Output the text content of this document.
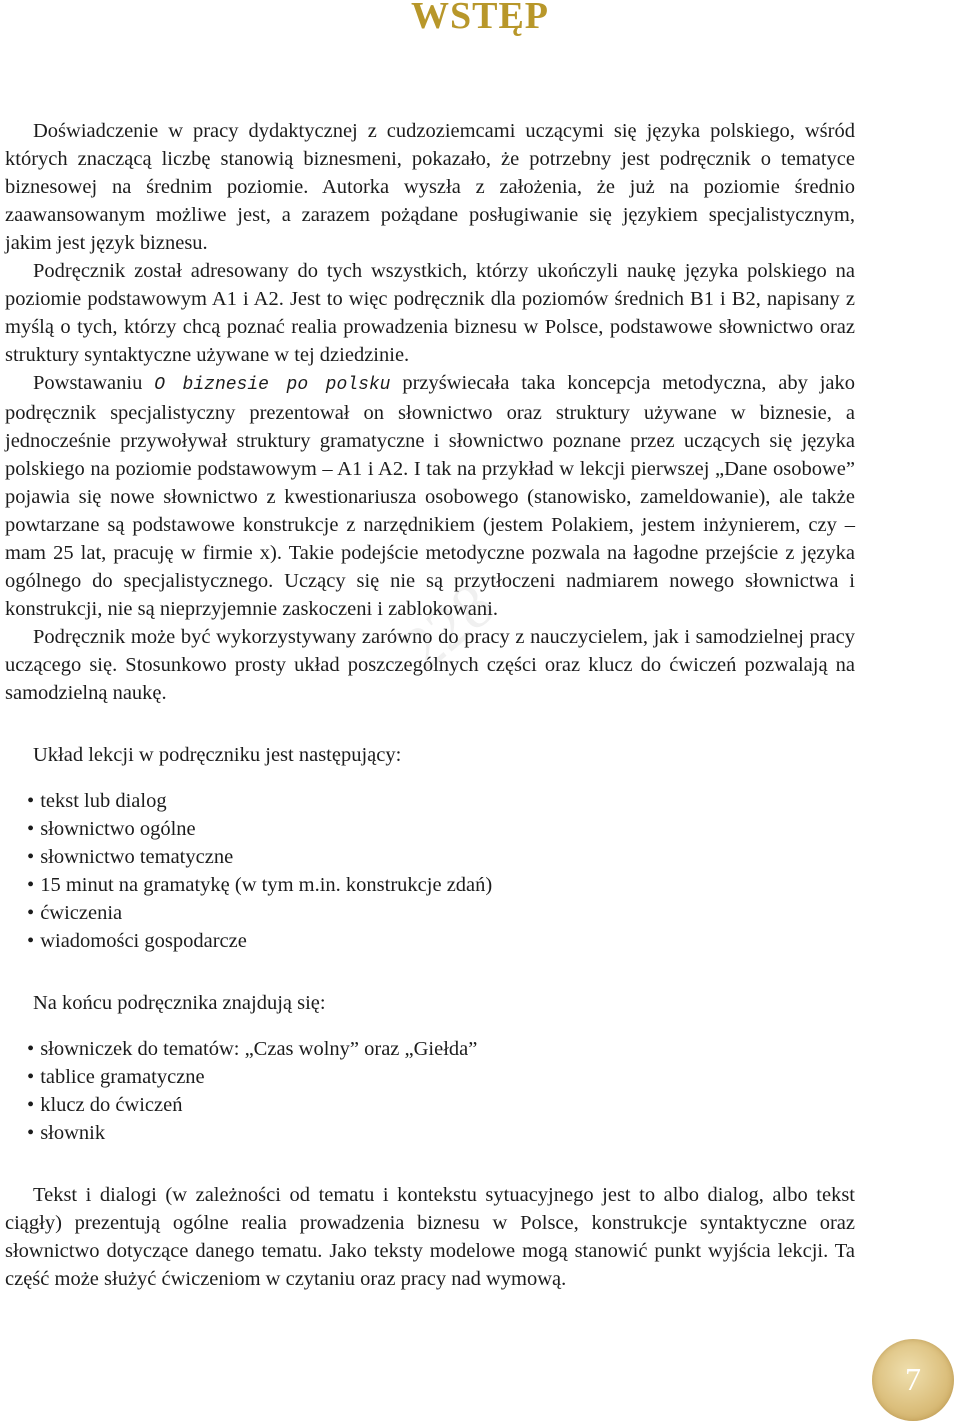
WSTĘP
228

Doświadczenie w pracy dydaktycznej z cudzoziemcami uczącymi się języka polskiego, wśród których znaczącą liczbę stanowią biznesmeni, pokazało, że potrzebny jest podręcznik o tematyce biznesowej na średnim poziomie. Autorka wyszła z założenia, że już na poziomie średnio zaawansowanym możliwe jest, a zarazem pożądane posługiwanie się językiem specjalistycznym, jakim jest język biznesu.

Podręcznik został adresowany do tych wszystkich, którzy ukończyli naukę języka polskiego na poziomie podstawowym A1 i A2. Jest to więc podręcznik dla poziomów średnich B1 i B2, napisany z myślą o tych, którzy chcą poznać realia prowadzenia biznesu w Polsce, podstawowe słownictwo oraz struktury syntaktyczne używane w tej dziedzinie.

Powstawaniu O biznesie po polsku przyświecała taka koncepcja metodyczna, aby jako podręcznik specjalistyczny prezentował on słownictwo oraz struktury używane w biznesie, a jednocześnie przywoływał struktury gramatyczne i słownictwo poznane przez uczących się języka polskiego na poziomie podstawowym – A1 i A2. I tak na przykład w lekcji pierwszej „Dane osobowe” pojawia się nowe słownictwo z kwestionariusza osobowego (stanowisko, zameldowanie), ale także powtarzane są podstawowe konstrukcje z narzędnikiem (jestem Polakiem, jestem inżynierem, czy – mam 25 lat, pracuję w firmie x). Takie podejście metodyczne pozwala na łagodne przejście z języka ogólnego do specjalistycznego. Uczący się nie są przytłoczeni nadmiarem nowego słownictwa i konstrukcji, nie są nieprzyjemnie zaskoczeni i zablokowani.

Podręcznik może być wykorzystywany zarówno do pracy z nauczycielem, jak i samodzielnej pracy uczącego się. Stosunkowo prosty układ poszczególnych części oraz klucz do ćwiczeń pozwalają na samodzielną naukę.

Układ lekcji w podręczniku jest następujący:

• tekst lub dialog
• słownictwo ogólne
• słownictwo tematyczne
• 15 minut na gramatykę (w tym m.in. konstrukcje zdań)
• ćwiczenia
• wiadomości gospodarcze

Na końcu podręcznika znajdują się:

• słowniczek do tematów: „Czas wolny” oraz „Giełda”
• tablice gramatyczne
• klucz do ćwiczeń
• słownik

Tekst i dialogi (w zależności od tematu i kontekstu sytuacyjnego jest to albo dialog, albo tekst ciągły) prezentują ogólne realia prowadzenia biznesu w Polsce, konstrukcje syntaktyczne oraz słownictwo dotyczące danego tematu. Jako teksty modelowe mogą stanowić punkt wyjścia lekcji. Ta część może służyć ćwiczeniom w czytaniu oraz pracy nad wymową.

7
